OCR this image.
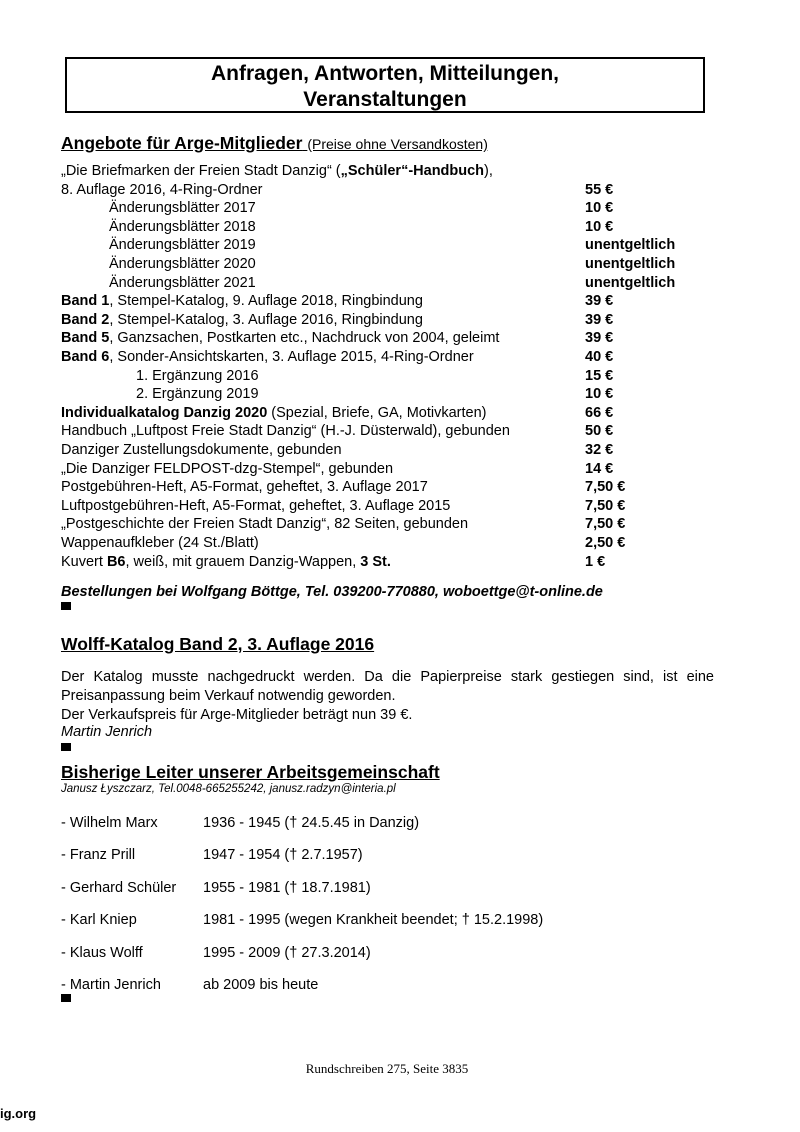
Anfragen, Antworten, Mitteilungen,
Veranstaltungen
Angebote für Arge-Mitglieder (Preise ohne Versandkosten)
„Die Briefmarken der Freien Stadt Danzig“ („Schüler“-Handbuch),
8. Auflage 2016, 4-Ring-Ordner	55 €
Änderungsblätter 2017	10 €
Änderungsblätter 2018	10 €
Änderungsblätter 2019	unentgeltlich
Änderungsblätter 2020	unentgeltlich
Änderungsblätter 2021	unentgeltlich
Band 1, Stempel-Katalog, 9. Auflage 2018, Ringbindung	39 €
Band 2, Stempel-Katalog, 3. Auflage 2016, Ringbindung	39 €
Band 5, Ganzsachen, Postkarten etc., Nachdruck von 2004, geleimt	39 €
Band 6, Sonder-Ansichtskarten, 3. Auflage 2015, 4-Ring-Ordner	40 €
1. Ergänzung 2016	15 €
2. Ergänzung 2019	10 €
Individualkatalog Danzig 2020 (Spezial, Briefe, GA, Motivkarten)	66 €
Handbuch „Luftpost Freie Stadt Danzig“ (H.-J. Düsterwald), gebunden	50 €
Danziger Zustellungsdokumente, gebunden	32 €
„Die Danziger FELDPOST-dzg-Stempel“, gebunden	14 €
Postgebühren-Heft, A5-Format, geheftet, 3. Auflage 2017	7,50 €
Luftpostgebühren-Heft, A5-Format, geheftet, 3. Auflage 2015	7,50 €
„Postgeschichte der Freien Stadt Danzig“, 82 Seiten, gebunden	7,50 €
Wappenaufkleber (24 St./Blatt)	2,50 €
Kuvert B6, weiß, mit grauem Danzig-Wappen, 3 St.	1 €
Bestellungen bei Wolfgang Böttge, Tel. 039200-770880, woboettge@t-online.de
Wolff-Katalog Band 2, 3. Auflage 2016
Der Katalog musste nachgedruckt werden. Da die Papierpreise stark gestiegen sind, ist eine Preisanpassung beim Verkauf notwendig geworden.
Der Verkaufspreis für Arge-Mitglieder beträgt nun 39 €.
Martin Jenrich
Bisherige Leiter unserer Arbeitsgemeinschaft
Janusz Łyszczarz, Tel.0048-665255242, janusz.radzyn@interia.pl
- Wilhelm Marx	1936 - 1945 († 24.5.45 in Danzig)
- Franz Prill	1947 - 1954 († 2.7.1957)
- Gerhard Schüler 1955 - 1981 († 18.7.1981)
- Karl Kniep	1981 - 1995 (wegen Krankheit beendet; † 15.2.1998)
- Klaus Wolff	1995 - 2009 († 27.3.2014)
- Martin Jenrich	ab 2009 bis heute
Rundschreiben 275, Seite 3835
ig.org
